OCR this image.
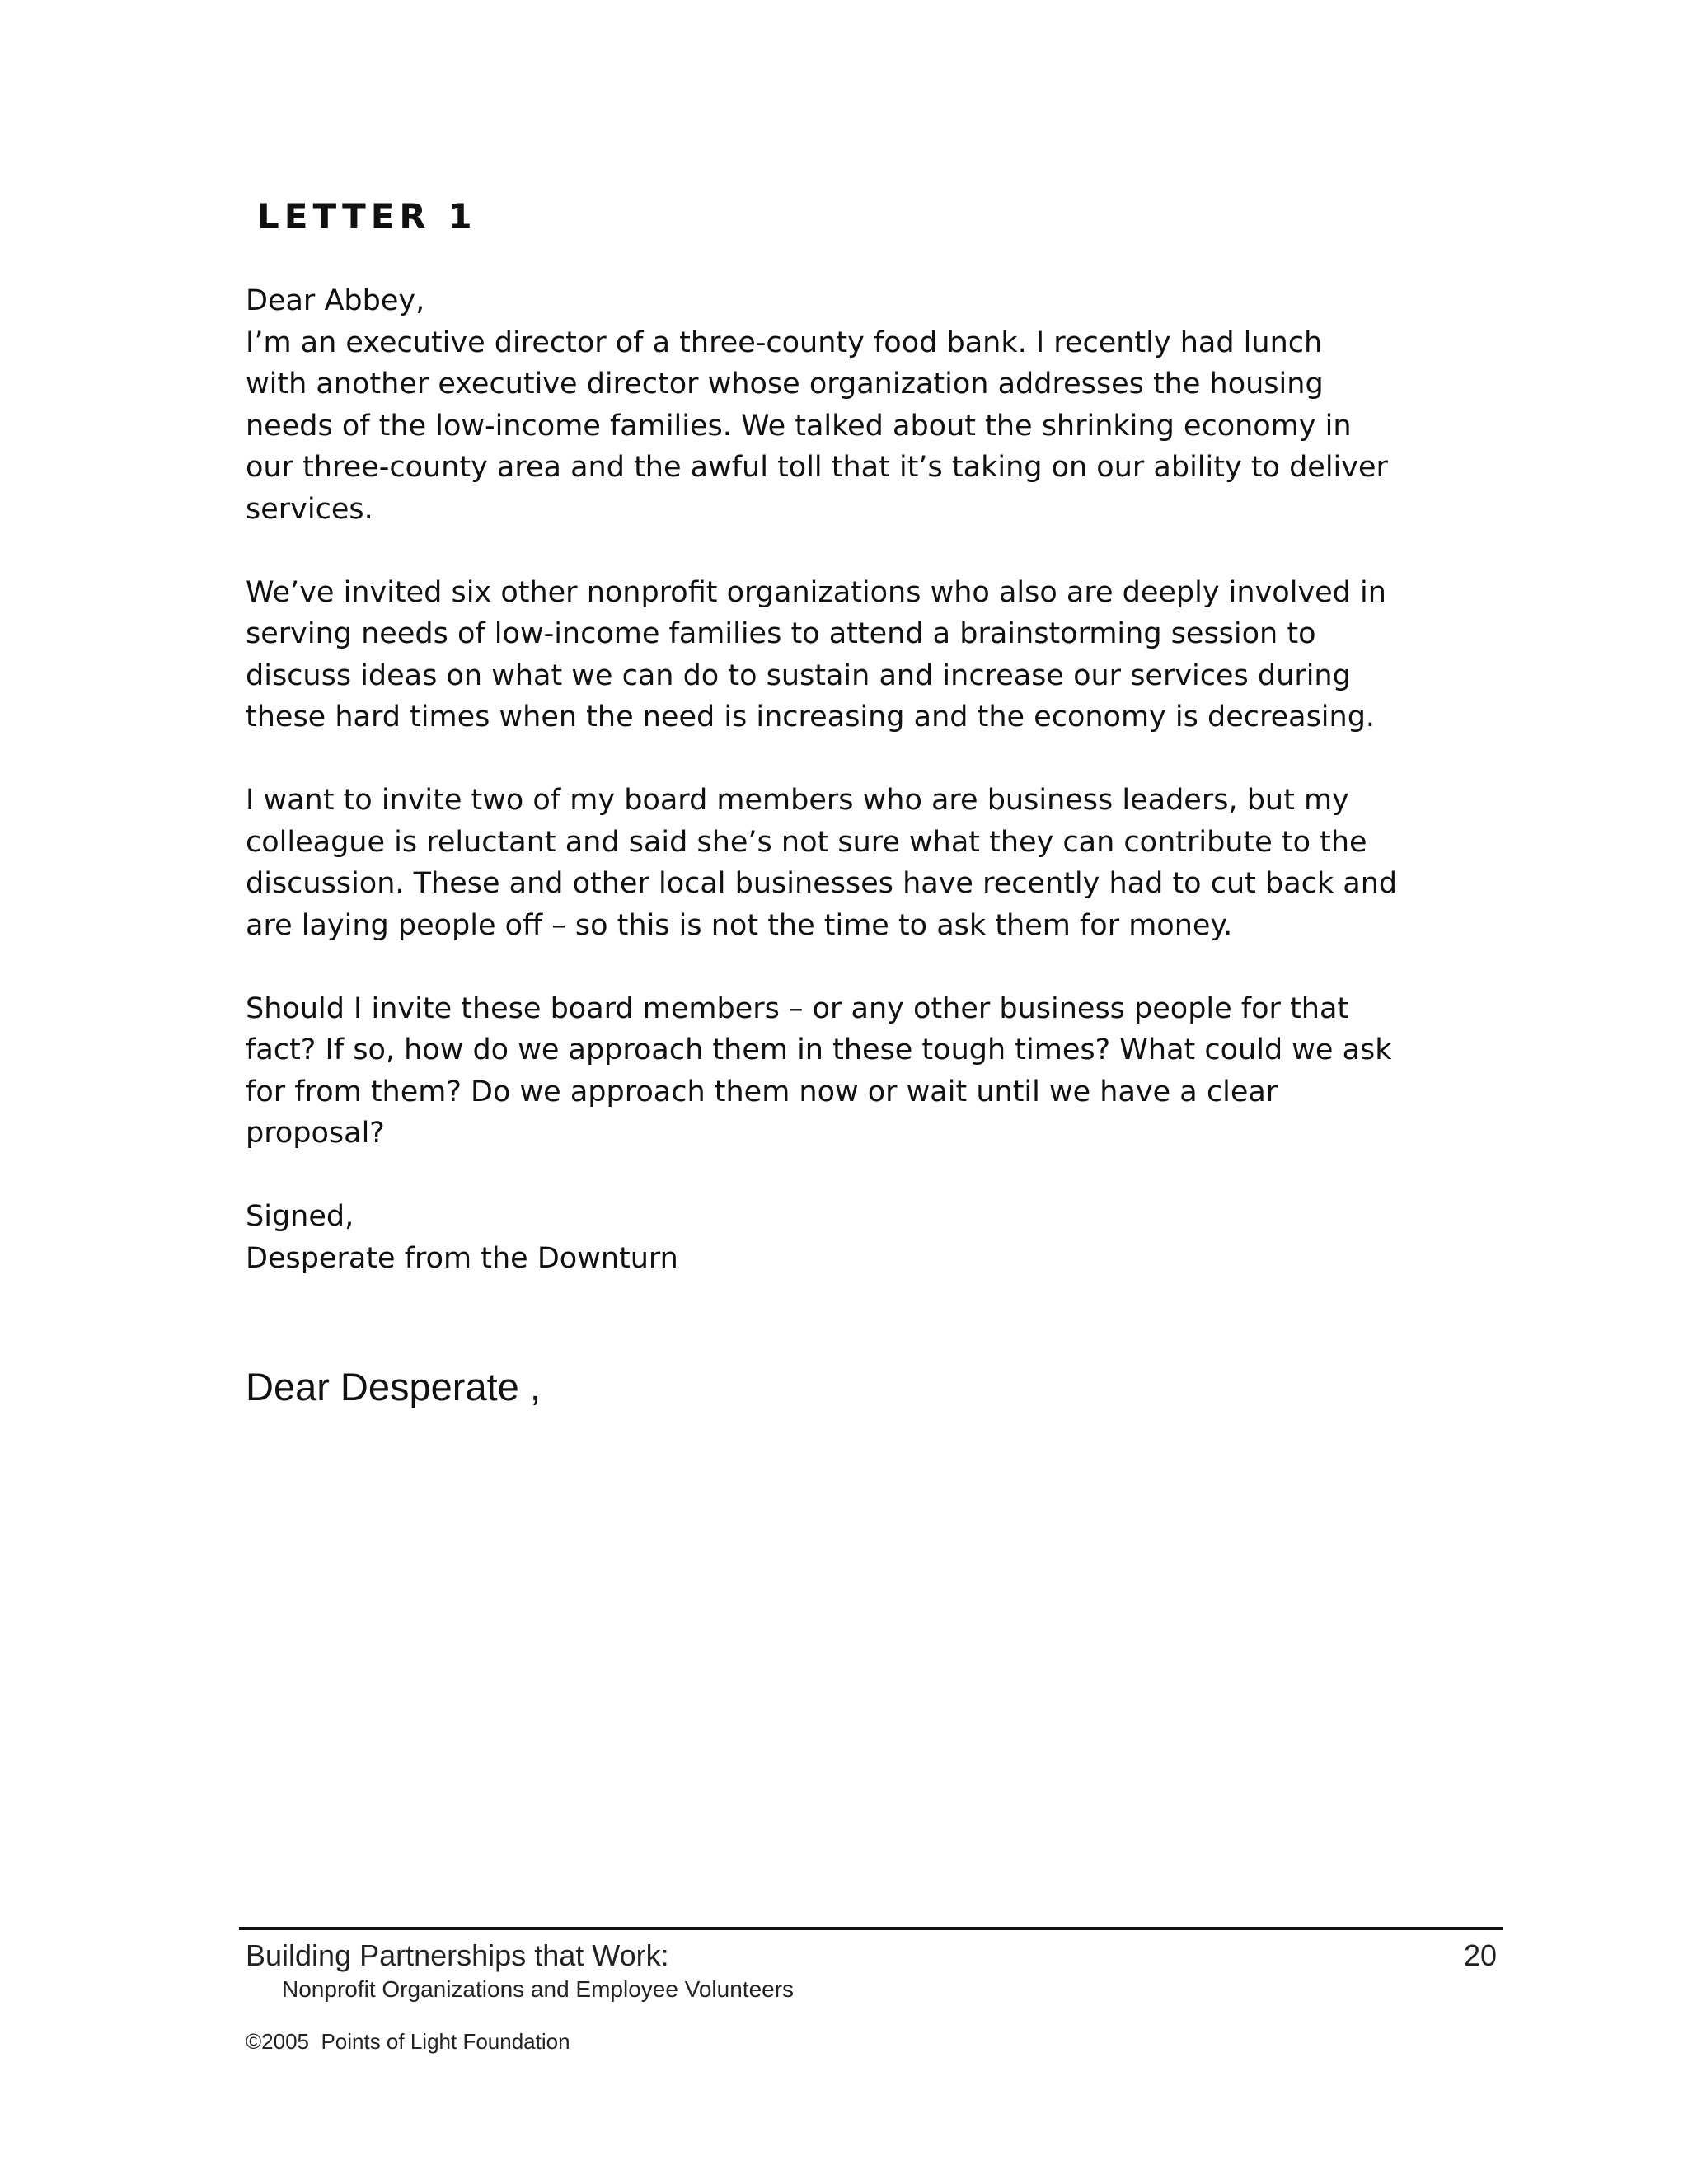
LETTER 1

Dear Abbey,

I’m an executive director of a three-county food bank. I recently had lunch

with another executive director whose organization addresses the housing

needs of the low-income families. We talked about the shrinking economy in

our three-county area and the awful toll that it’s taking on our ability to deliver

services.

We’ve invited six other nonprofit organizations who also are deeply involved in

serving needs of low-income families to attend a brainstorming session to

discuss ideas on what we can do to sustain and increase our services during

these hard times when the need is increasing and the economy is decreasing.

I want to invite two of my board members who are business leaders, but my

colleague is reluctant and said she’s not sure what they can contribute to the

discussion. These and other local businesses have recently had to cut back and

are laying people off – so this is not the time to ask them for money.

Should I invite these board members – or any other business people for that

fact? If so, how do we approach them in these tough times? What could we ask

for from them? Do we approach them now or wait until we have a clear

proposal?

Signed,

Desperate from the Downturn

Dear Desperate ,

Building Partnerships that Work:

Nonprofit Organizations and Employee Volunteers

20

©2005  Points of Light Foundation
